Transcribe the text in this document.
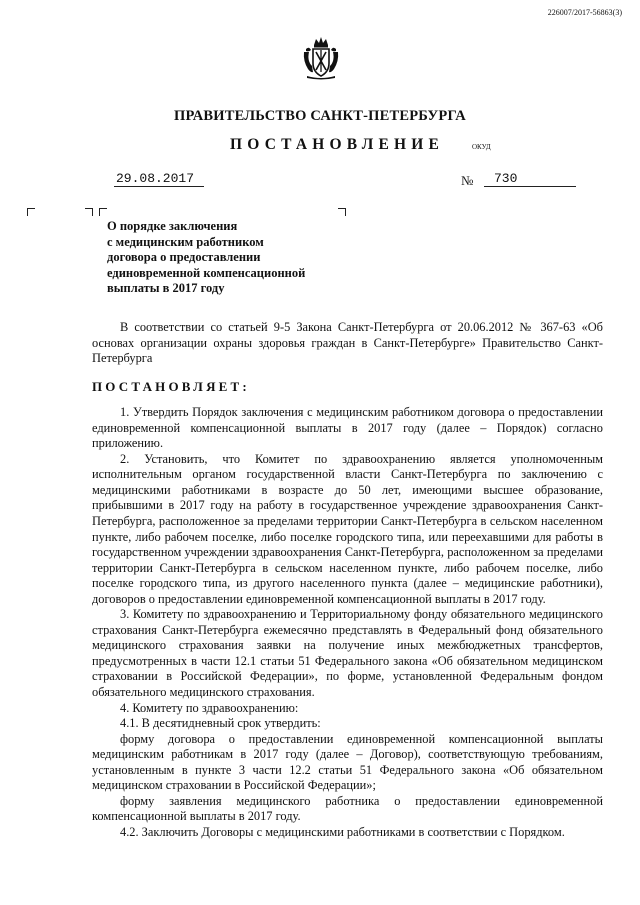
226007/2017-56863(3)
ПРАВИТЕЛЬСТВО САНКТ-ПЕТЕРБУРГА
ПОСТАНОВЛЕНИЕ	ОКУД
29.08.2017	№	730
О порядке заключения
с медицинским работником
договора о предоставлении
единовременной компенсационной
выплаты в 2017 году

В соответствии со статьей 9-5 Закона Санкт-Петербурга от 20.06.2012 № 367-63 «Об основах организации охраны здоровья граждан в Санкт-Петербурге» Правительство Санкт-Петербурга

ПОСТАНОВЛЯЕТ:

1. Утвердить Порядок заключения с медицинским работником договора о предоставлении единовременной компенсационной выплаты в 2017 году (далее – Порядок) согласно приложению.

2. Установить, что Комитет по здравоохранению является уполномоченным исполнительным органом государственной власти Санкт-Петербурга по заключению с медицинскими работниками в возрасте до 50 лет, имеющими высшее образование, прибывшими в 2017 году на работу в государственное учреждение здравоохранения Санкт-Петербурга, расположенное за пределами территории Санкт-Петербурга в сельском населенном пункте, либо рабочем поселке, либо поселке городского типа, или переехавшими для работы в государственном учреждении здравоохранения Санкт-Петербурга, расположенном за пределами территории Санкт-Петербурга в сельском населенном пункте, либо рабочем поселке, либо поселке городского типа, из другого населенного пункта (далее – медицинские работники), договоров о предоставлении единовременной компенсационной выплаты в 2017 году.

3. Комитету по здравоохранению и Территориальному фонду обязательного медицинского страхования Санкт-Петербурга ежемесячно представлять в Федеральный фонд обязательного медицинского страхования заявки на получение иных межбюджетных трансфертов, предусмотренных в части 12.1 статьи 51 Федерального закона «Об обязательном медицинском страховании в Российской Федерации», по форме, установленной Федеральным фондом обязательного медицинского страхования.

4. Комитету по здравоохранению:

4.1. В десятидневный срок утвердить:

форму договора о предоставлении единовременной компенсационной выплаты медицинским работникам в 2017 году (далее – Договор), соответствующую требованиям, установленным в пункте 3 части 12.2 статьи 51 Федерального закона «Об обязательном медицинском страховании в Российской Федерации»;

форму заявления медицинского работника о предоставлении единовременной компенсационной выплаты в 2017 году.

4.2. Заключить Договоры с медицинскими работниками в соответствии с Порядком.
